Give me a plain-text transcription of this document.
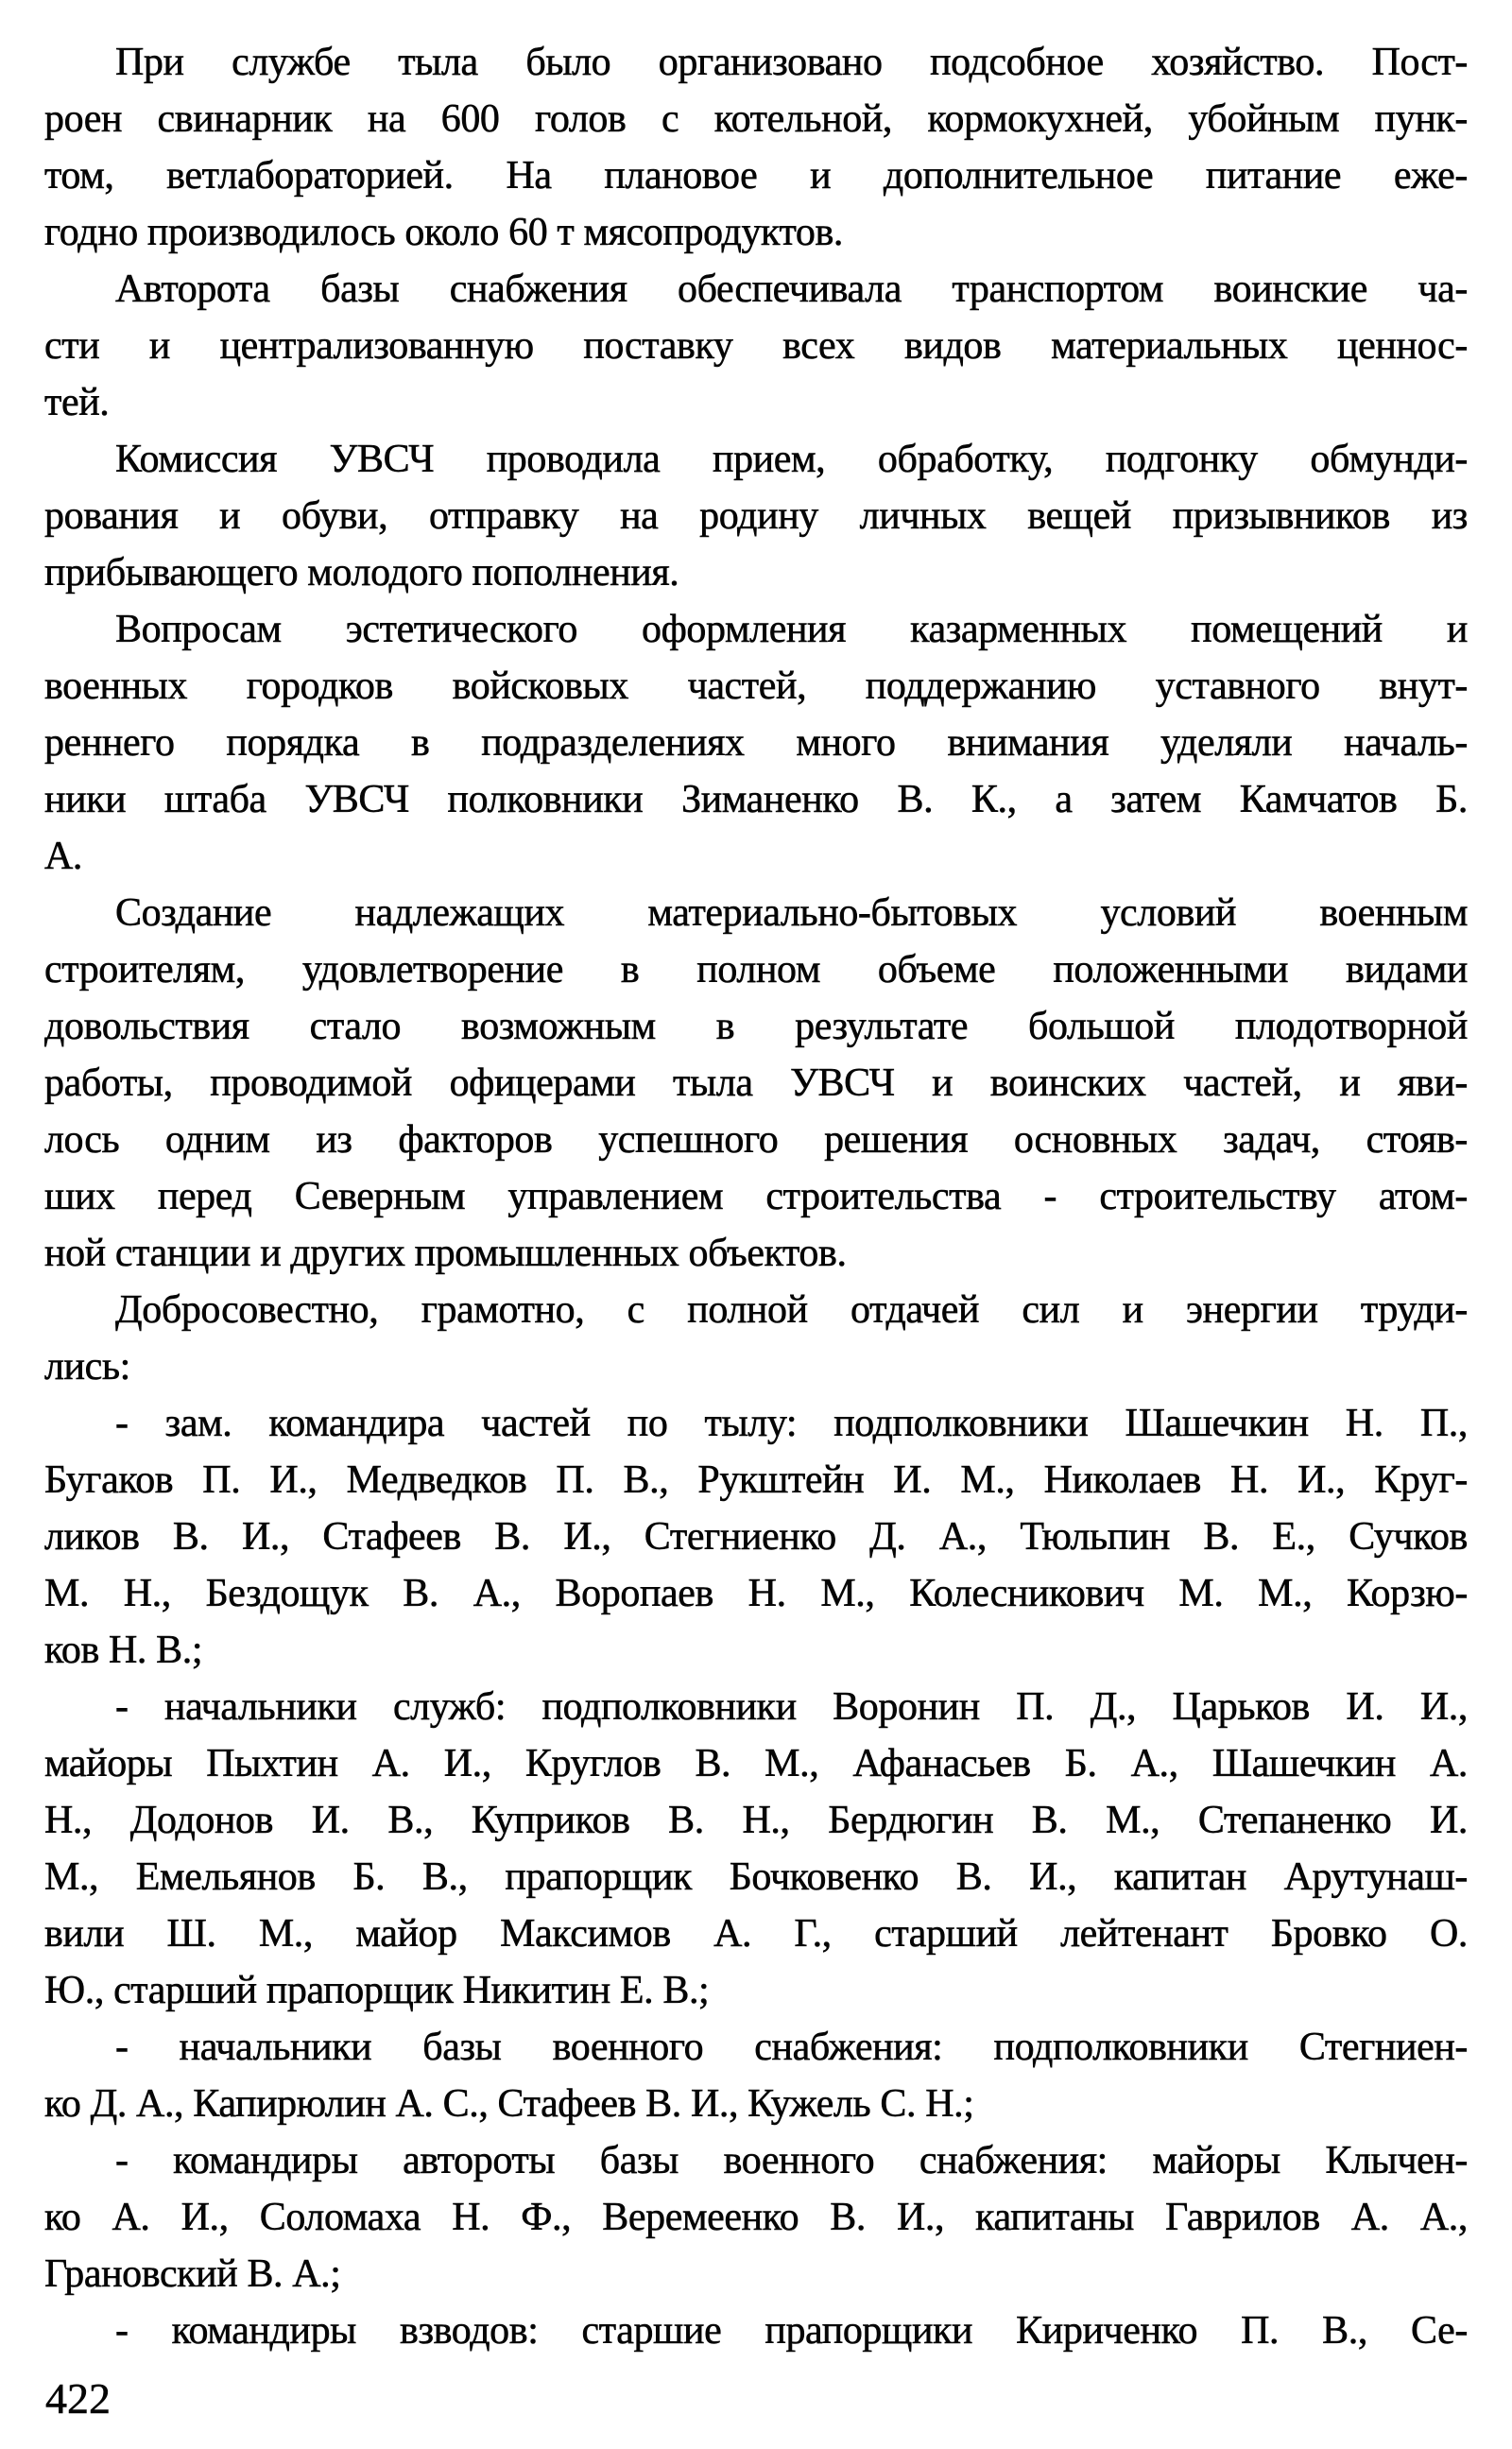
При службе тыла было организовано подсобное хозяйство. Пост-
роен свинарник на 600 голов с котельной, кормокухней, убойным пунк-
том, ветлабораторией. На плановое и дополнительное питание еже-
годно производилось около 60 т мясопродуктов.
Авторота базы снабжения обеспечивала транспортом воинские ча-
сти и централизованную поставку всех видов материальных ценнос-
тей.
Комиссия УВСЧ проводила прием, обработку, подгонку обмунди-
рования и обуви, отправку на родину личных вещей призывников из
прибывающего молодого пополнения.
Вопросам эстетического оформления казарменных помещений и
военных городков войсковых частей, поддержанию уставного внут-
реннего порядка в подразделениях много внимания уделяли началь-
ники штаба УВСЧ полковники Зиманенко В. К., а затем Камчатов Б.
А.
Создание надлежащих материально-бытовых условий военным
строителям, удовлетворение в полном объеме положенными видами
довольствия стало возможным в результате большой плодотворной
работы, проводимой офицерами тыла УВСЧ и воинских частей, и яви-
лось одним из факторов успешного решения основных задач, стояв-
ших перед Северным управлением строительства - строительству атом-
ной станции и других промышленных объектов.
Добросовестно, грамотно, с полной отдачей сил и энергии труди-
лись:
- зам. командира частей по тылу: подполковники Шашечкин Н. П.,
Бугаков П. И., Медведков П. В., Рукштейн И. М., Николаев Н. И., Круг-
ликов В. И., Стафеев В. И., Стегниенко Д. А., Тюльпин В. Е., Сучков
М. Н., Бездощук В. А., Воропаев Н. М., Колесникович М. М., Корзю-
ков Н. В.;
- начальники служб: подполковники Воронин П. Д., Царьков И. И.,
майоры Пыхтин А. И., Круглов В. М., Афанасьев Б. А., Шашечкин А.
Н., Додонов И. В., Куприков В. Н., Бердюгин В. М., Степаненко И.
М., Емельянов Б. В., прапорщик Бочковенко В. И., капитан Арутунаш-
вили Ш. М., майор Максимов А. Г., старший лейтенант Бровко О.
Ю., старший прапорщик Никитин Е. В.;
- начальники базы военного снабжения: подполковники Стегниен-
ко Д. А., Капирюлин А. С., Стафеев В. И., Кужель С. Н.;
- командиры автороты базы военного снабжения: майоры Клычен-
ко А. И., Соломаха Н. Ф., Веремеенко В. И., капитаны Гаврилов А. А.,
Грановский В. А.;
- командиры взводов: старшие прапорщики Кириченко П. В., Се-
422
